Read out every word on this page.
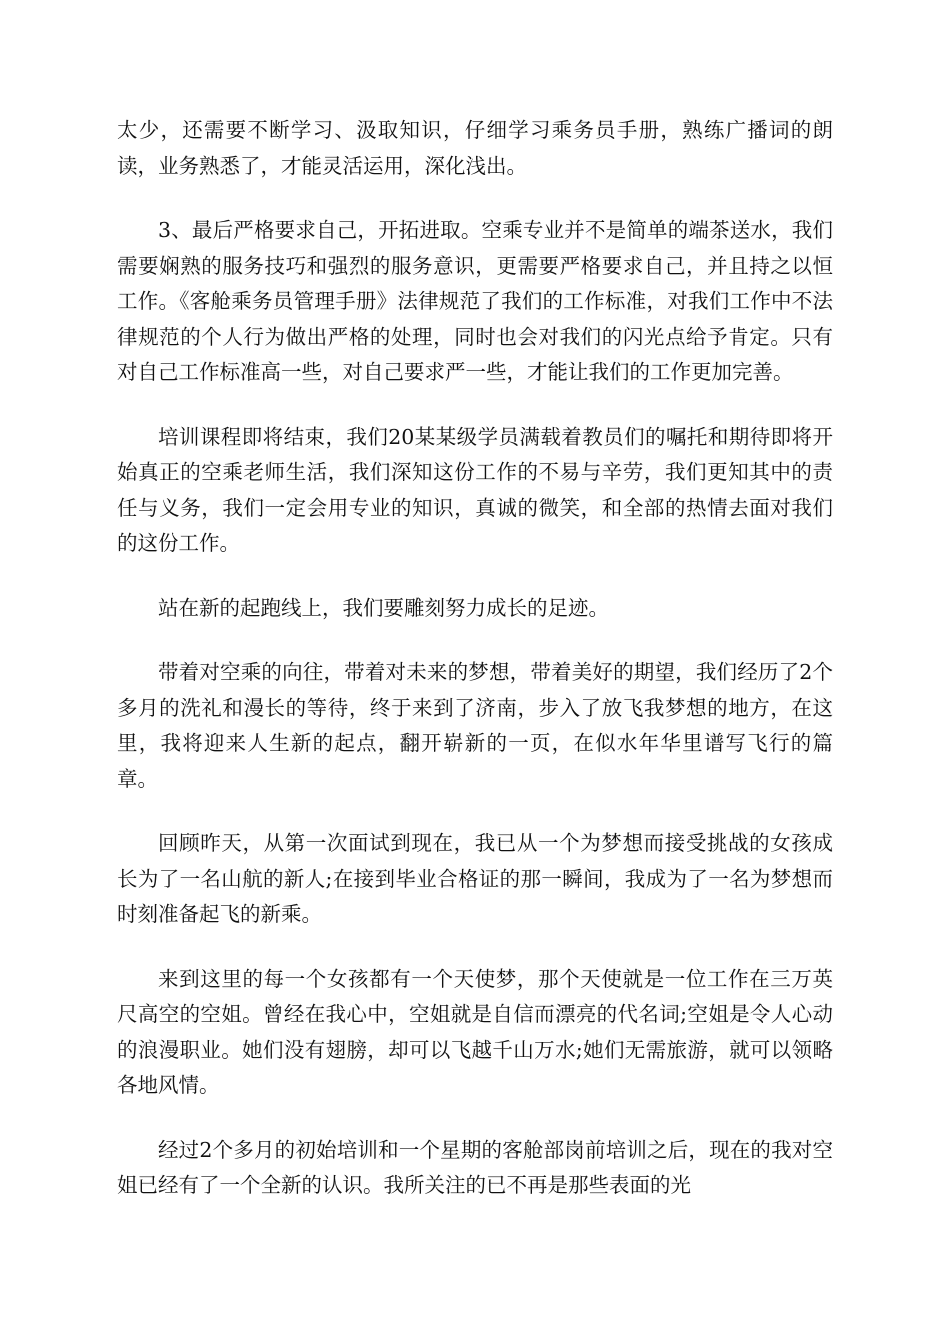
太少，还需要不断学习、汲取知识，仔细学习乘务员手册，熟练广播词的朗读，业务熟悉了，才能灵活运用，深化浅出。

3、最后严格要求自己，开拓进取。空乘专业并不是简单的端茶送水，我们需要娴熟的服务技巧和强烈的服务意识，更需要严格要求自己，并且持之以恒工作。《客舱乘务员管理手册》法律规范了我们的工作标准，对我们工作中不法律规范的个人行为做出严格的处理，同时也会对我们的闪光点给予肯定。只有对自己工作标准高一些，对自己要求严一些，才能让我们的工作更加完善。

培训课程即将结束，我们20某某级学员满载着教员们的嘱托和期待即将开始真正的空乘老师生活，我们深知这份工作的不易与辛劳，我们更知其中的责任与义务，我们一定会用专业的知识，真诚的微笑，和全部的热情去面对我们的这份工作。

站在新的起跑线上，我们要雕刻努力成长的足迹。

带着对空乘的向往，带着对未来的梦想，带着美好的期望，我们经历了2个多月的洗礼和漫长的等待，终于来到了济南，步入了放飞我梦想的地方，在这里，我将迎来人生新的起点，翻开崭新的一页，在似水年华里谱写飞行的篇章。

回顾昨天，从第一次面试到现在，我已从一个为梦想而接受挑战的女孩成长为了一名山航的新人;在接到毕业合格证的那一瞬间，我成为了一名为梦想而时刻准备起飞的新乘。

来到这里的每一个女孩都有一个天使梦，那个天使就是一位工作在三万英尺高空的空姐。曾经在我心中，空姐就是自信而漂亮的代名词;空姐是令人心动的浪漫职业。她们没有翅膀，却可以飞越千山万水;她们无需旅游，就可以领略各地风情。

经过2个多月的初始培训和一个星期的客舱部岗前培训之后，现在的我对空姐已经有了一个全新的认识。我所关注的已不再是那些表面的光
